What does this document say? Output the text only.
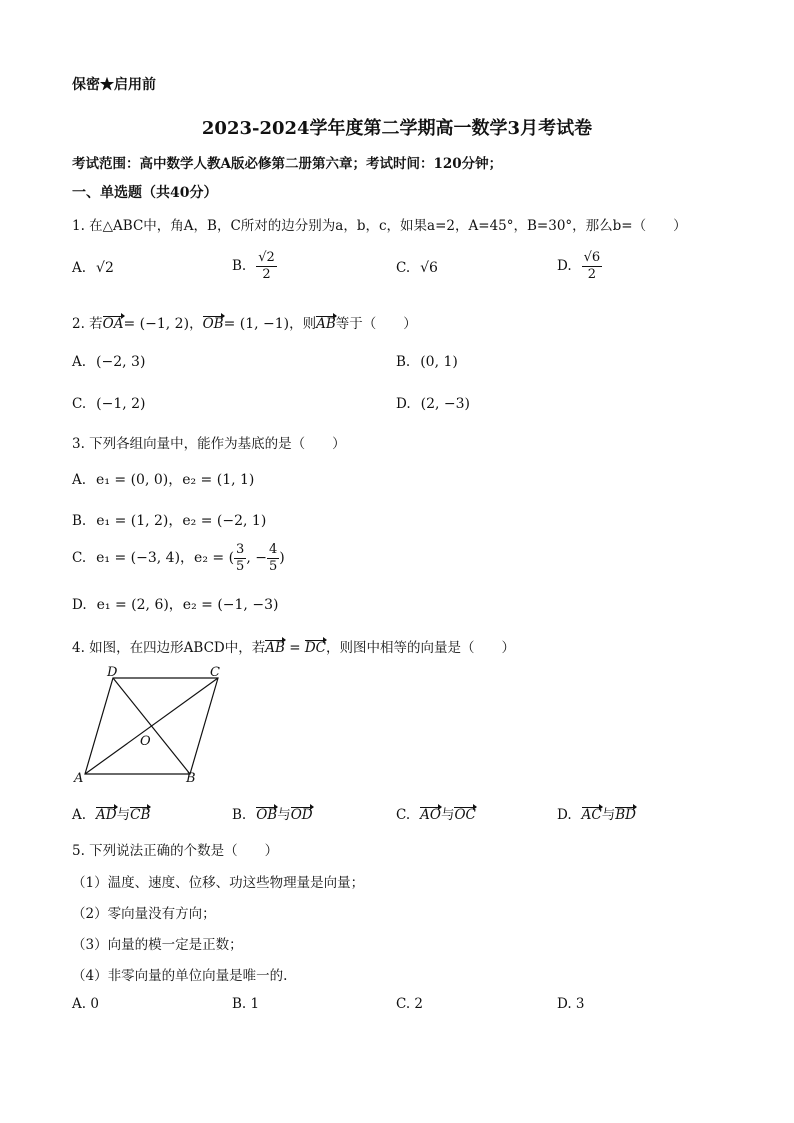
保密★启用前
2023-2024学年度第二学期高一数学3月考试卷
考试范围：高中数学人教A版必修第二册第六章；考试时间：120分钟；
一、单选题（共40分）
1. 在△ABC中，角A，B，C所对的边分别为a，b，c，如果a=2，A=45°，B=30°，那么b=（　　）
A. √2	B. $\frac{√2}{2}$	C. √6	D. $\frac{√6}{2}$
2. 若OA= (−1, 2)，OB= (1, −1)，则AB等于（　　）
A. (−2, 3)	B. (0, 1)
C. (−1, 2)	D. (2, −3)
3. 下列各组向量中，能作为基底的是（　　）
A. e₁ = (0, 0)，e₂ = (1, 1)
B. e₁ = (1, 2)，e₂ = (−2, 1)
C. e₁ = (−3, 4)，e₂ = ( $\frac{3}{5}$ , − $\frac{4}{5}$ )
D. e₁ = (2, 6)，e₂ = (−1, −3)
4. 如图，在四边形ABCD中，若AB = DC，则图中相等的向量是（　　）
D	C
A	B
O
A. AD与CB	B. OB与OD	C. AO与OC	D. AC与BD
5. 下列说法正确的个数是（　　）
（1）温度、速度、位移、功这些物理量是向量；
（2）零向量没有方向；
（3）向量的模一定是正数；
（4）非零向量的单位向量是唯一的.
A. 0	B. 1	C. 2	D. 3
